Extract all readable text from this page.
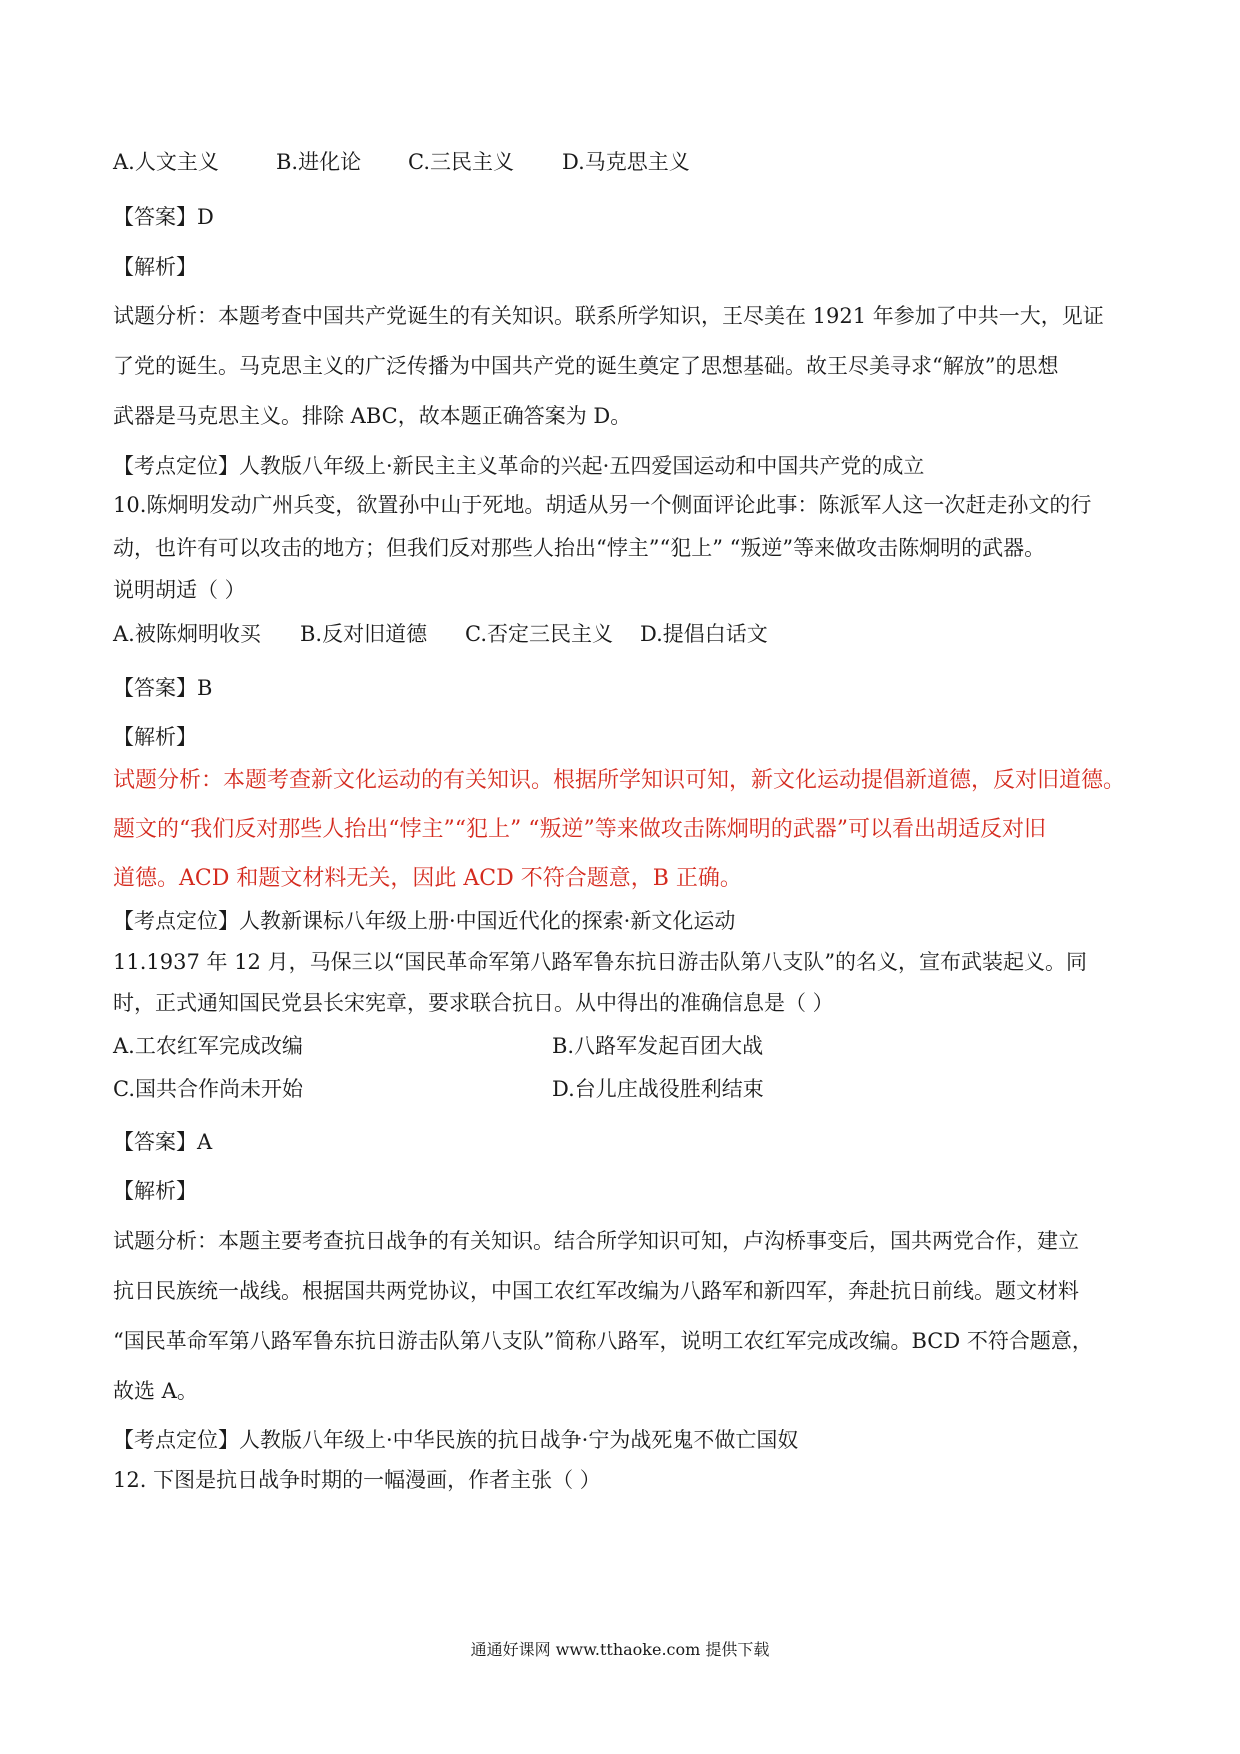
A.人文主义	B.进化论 C.三民主义 D.马克思主义
【答案】D
【解析】
试题分析：本题考查中国共产党诞生的有关知识。联系所学知识，王尽美在 1921 年参加了中共一大，见证
了党的诞生。马克思主义的广泛传播为中国共产党的诞生奠定了思想基础。故王尽美寻求“解放”的思想
武器是马克思主义。排除 ABC，故本题正确答案为 D。
【考点定位】人教版八年级上·新民主主义革命的兴起·五四爱国运动和中国共产党的成立
10.陈炯明发动广州兵变，欲置孙中山于死地。胡适从另一个侧面评论此事：陈派军人这一次赶走孙文的行
动，也许有可以攻击的地方；但我们反对那些人抬出“悖主”“犯上” “叛逆”等来做攻击陈炯明的武器。
说明胡适（ ）
A.被陈炯明收买 B.反对旧道德 C.否定三民主义 D.提倡白话文
【答案】B
【解析】
试题分析：本题考查新文化运动的有关知识。根据所学知识可知，新文化运动提倡新道德，反对旧道德。
题文的“我们反对那些人抬出“悖主”“犯上” “叛逆”等来做攻击陈炯明的武器”可以看出胡适反对旧
道德。ACD 和题文材料无关，因此 ACD 不符合题意，B 正确。
【考点定位】人教新课标八年级上册·中国近代化的探索·新文化运动
11.1937 年 12 月，马保三以“国民革命军第八路军鲁东抗日游击队第八支队”的名义，宣布武装起义。同
时，正式通知国民党县长宋宪章，要求联合抗日。从中得出的准确信息是（ ）
A.工农红军完成改编	B.八路军发起百团大战
C.国共合作尚未开始	D.台儿庄战役胜利结束
【答案】A
【解析】
试题分析：本题主要考查抗日战争的有关知识。结合所学知识可知，卢沟桥事变后，国共两党合作，建立
抗日民族统一战线。根据国共两党协议，中国工农红军改编为八路军和新四军，奔赴抗日前线。题文材料
“国民革命军第八路军鲁东抗日游击队第八支队”简称八路军，说明工农红军完成改编。BCD 不符合题意，
故选 A。
【考点定位】人教版八年级上·中华民族的抗日战争·宁为战死鬼不做亡国奴
12. 下图是抗日战争时期的一幅漫画，作者主张（ ）
通通好课网 www.tthaoke.com 提供下载
